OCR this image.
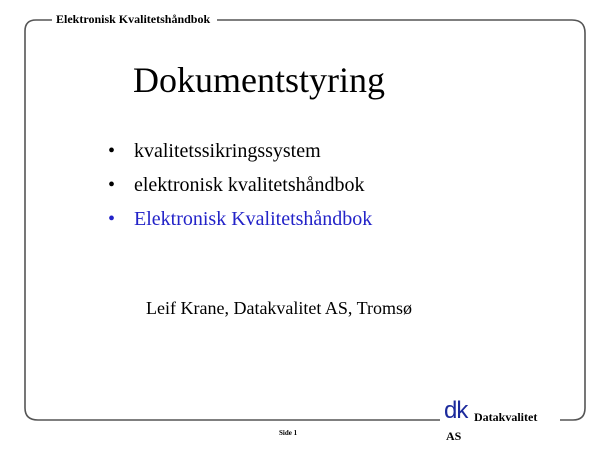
Elektronisk Kvalitetshåndbok
Dokumentstyring
• kvalitetssikringssystem
• elektronisk kvalitetshåndbok
• Elektronisk Kvalitetshåndbok
Leif Krane, Datakvalitet AS, Tromsø
Side 1
dk Datakvalitet
AS
